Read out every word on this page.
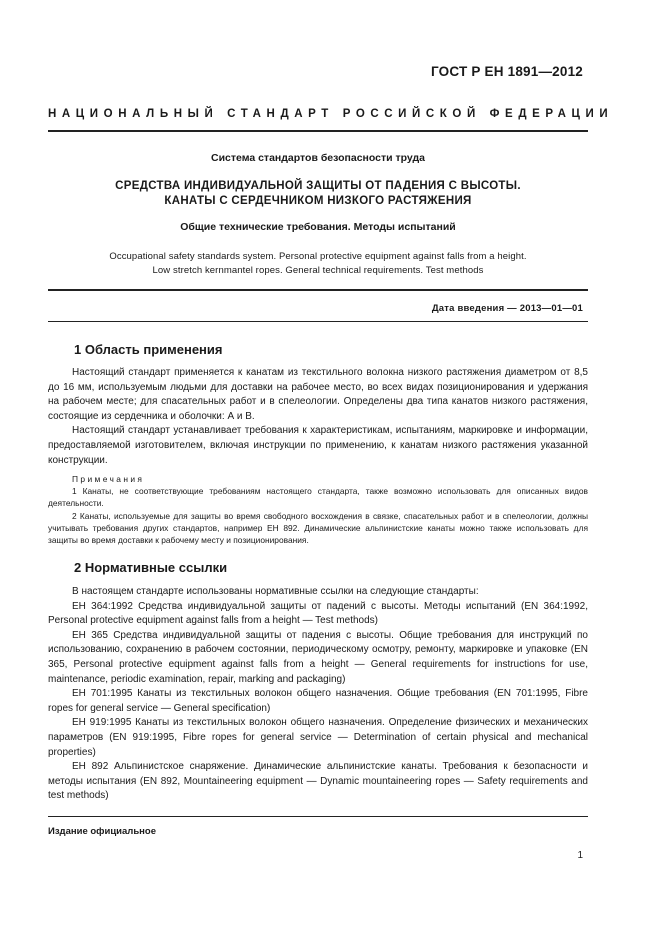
ГОСТ Р ЕН 1891—2012
НАЦИОНАЛЬНЫЙ СТАНДАРТ РОССИЙСКОЙ ФЕДЕРАЦИИ
Система стандартов безопасности труда
СРЕДСТВА ИНДИВИДУАЛЬНОЙ ЗАЩИТЫ ОТ ПАДЕНИЯ С ВЫСОТЫ.
КАНАТЫ С СЕРДЕЧНИКОМ НИЗКОГО РАСТЯЖЕНИЯ
Общие технические требования. Методы испытаний
Occupational safety standards system. Personal protective equipment against falls from a height.
Low stretch kernmantel ropes. General technical requirements. Test methods
Дата введения — 2013—01—01
1 Область применения

Настоящий стандарт применяется к канатам из текстильного волокна низкого растяжения диаметром от 8,5 до 16 мм, используемым людьми для доставки на рабочее место, во всех видах позиционирования и удержания на рабочем месте; для спасательных работ и в спелеологии. Определены два типа канатов низкого растяжения, состоящие из сердечника и оболочки: А и В.

Настоящий стандарт устанавливает требования к характеристикам, испытаниям, маркировке и информации, предоставляемой изготовителем, включая инструкции по применению, к канатам низкого растяжения указанной конструкции.

Примечания

1 Канаты, не соответствующие требованиям настоящего стандарта, также возможно использовать для описанных видов деятельности.

2 Канаты, используемые для защиты во время свободного восхождения в связке, спасательных работ и в спелеологии, должны учитывать требования других стандартов, например ЕН 892. Динамические альпинистские канаты можно также использовать для защиты во время доставки к рабочему месту и позиционирования.

2 Нормативные ссылки

В настоящем стандарте использованы нормативные ссылки на следующие стандарты:

ЕН 364:1992 Средства индивидуальной защиты от падений с высоты. Методы испытаний (EN 364:1992, Personal protective equipment against falls from a height — Test methods)

ЕН 365 Средства индивидуальной защиты от падения с высоты. Общие требования для инструкций по использованию, сохранению в рабочем состоянии, периодическому осмотру, ремонту, маркировке и упаковке (EN 365, Personal protective equipment against falls from a height — General requirements for instructions for use, maintenance, periodic examination, repair, marking and packaging)

ЕН 701:1995 Канаты из текстильных волокон общего назначения. Общие требования (EN 701:1995, Fibre ropes for general service — General specification)

ЕН 919:1995 Канаты из текстильных волокон общего назначения. Определение физических и механических параметров (EN 919:1995, Fibre ropes for general service — Determination of certain physical and mechanical properties)

ЕН 892 Альпинистское снаряжение. Динамические альпинистские канаты. Требования к безопасности и методы испытания (EN 892, Mountaineering equipment — Dynamic mountaineering ropes — Safety requirements and test methods)

Издание официальное
1
